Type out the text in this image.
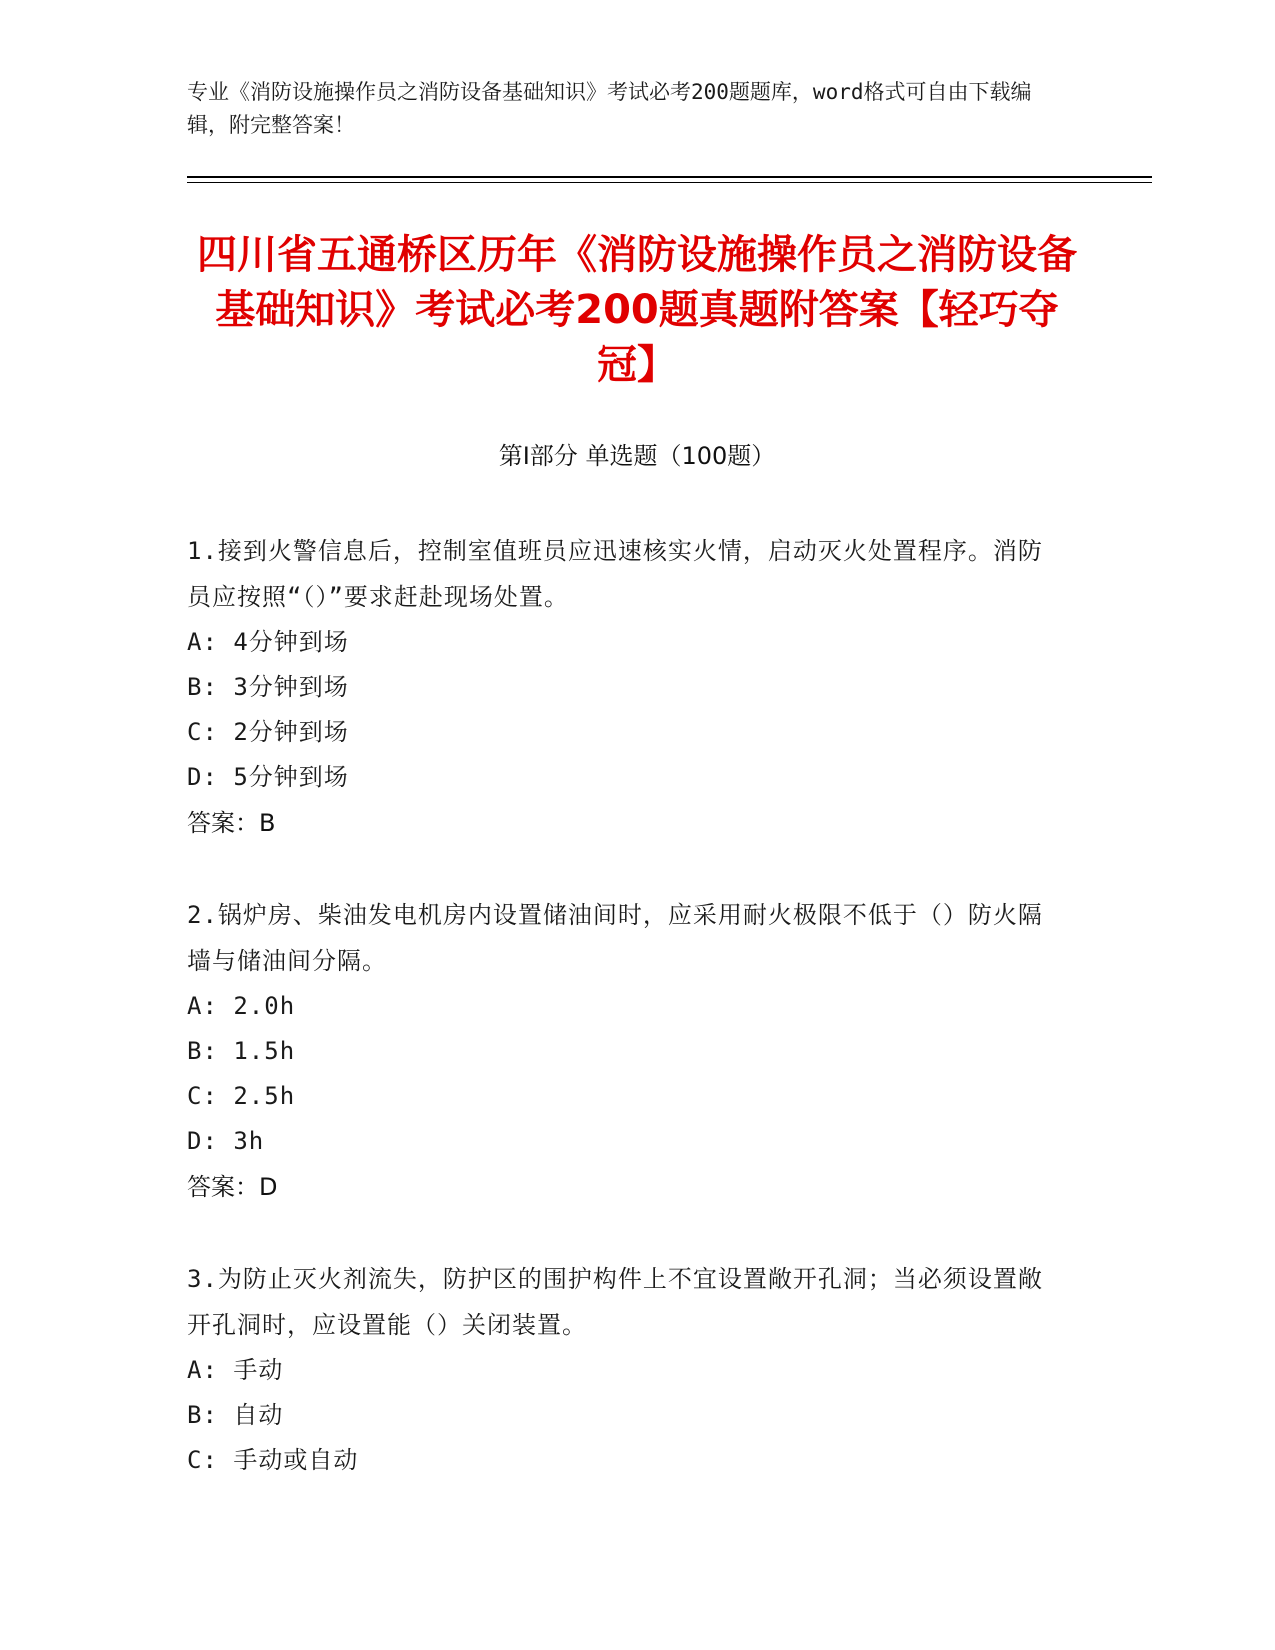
专业《消防设施操作员之消防设备基础知识》考试必考200题题库，word格式可自由下载编辑，附完整答案！
四川省五通桥区历年《消防设施操作员之消防设备基础知识》考试必考200题真题附答案【轻巧夺冠】
第Ⅰ部分 单选题（100题）
1.接到火警信息后，控制室值班员应迅速核实火情，启动灭火处置程序。消防员应按照“（）”要求赶赴现场处置。
A: 4分钟到场
B: 3分钟到场
C: 2分钟到场
D: 5分钟到场
答案：B
2.锅炉房、柴油发电机房内设置储油间时，应采用耐火极限不低于（）防火隔墙与储油间分隔。
A: 2.0h
B: 1.5h
C: 2.5h
D: 3h
答案：D
3.为防止灭火剂流失，防护区的围护构件上不宜设置敞开孔洞；当必须设置敞开孔洞时，应设置能（）关闭装置。
A: 手动
B: 自动
C: 手动或自动
